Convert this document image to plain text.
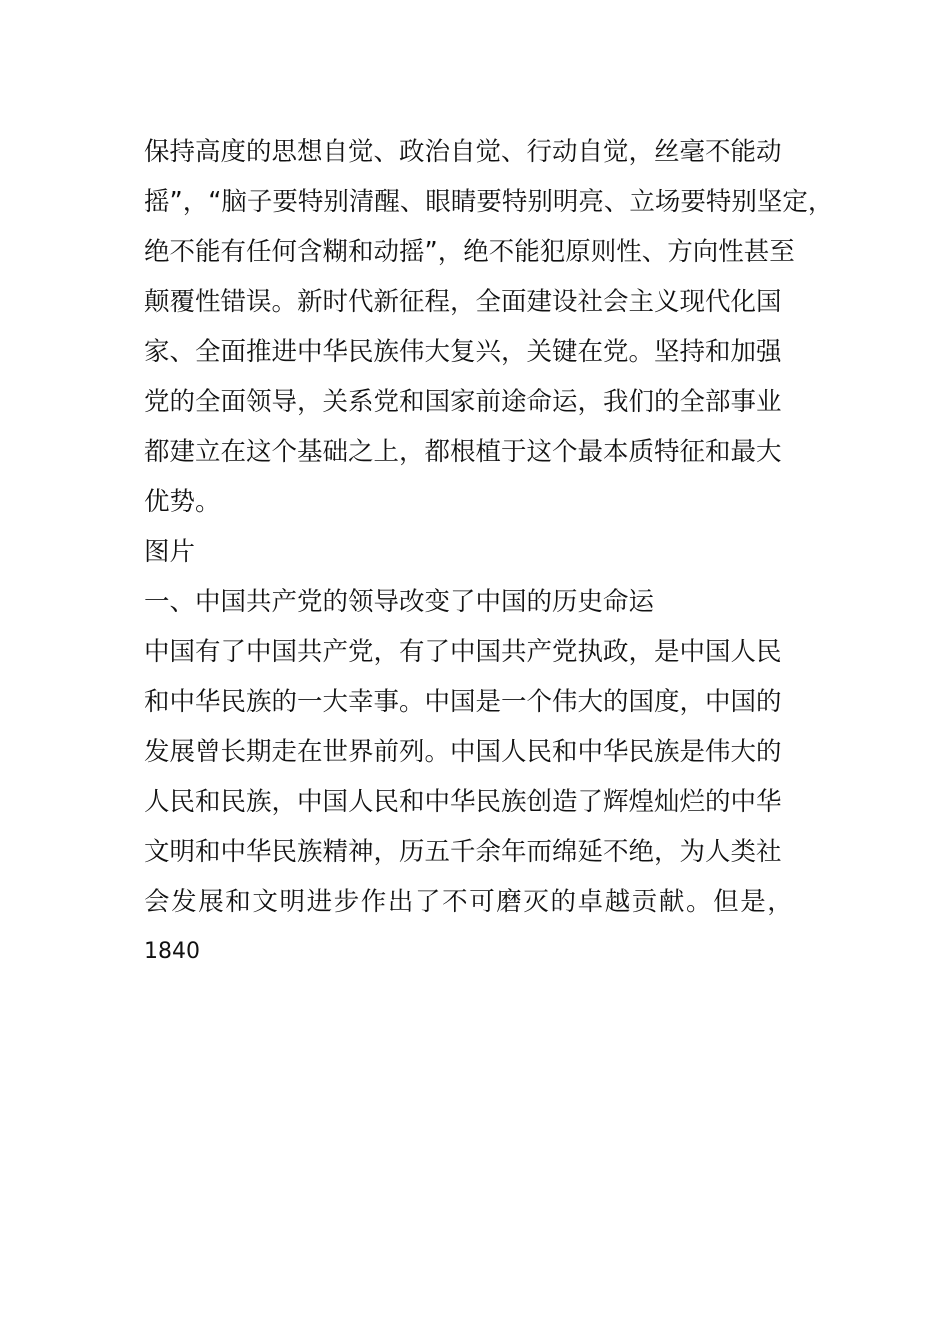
保持高度的思想自觉、政治自觉、行动自觉，丝毫不能动
摇”，“脑子要特别清醒、眼睛要特别明亮、立场要特别坚定，
绝不能有任何含糊和动摇”，绝不能犯原则性、方向性甚至
颠覆性错误。新时代新征程，全面建设社会主义现代化国
家、全面推进中华民族伟大复兴，关键在党。坚持和加强
党的全面领导，关系党和国家前途命运，我们的全部事业
都建立在这个基础之上，都根植于这个最本质特征和最大
优势。
图片
一、中国共产党的领导改变了中国的历史命运
中国有了中国共产党，有了中国共产党执政，是中国人民
和中华民族的一大幸事。中国是一个伟大的国度，中国的
发展曾长期走在世界前列。中国人民和中华民族是伟大的
人民和民族，中国人民和中华民族创造了辉煌灿烂的中华
文明和中华民族精神，历五千余年而绵延不绝，为人类社
会发展和文明进步作出了不可磨灭的卓越贡献。但是，
1840
